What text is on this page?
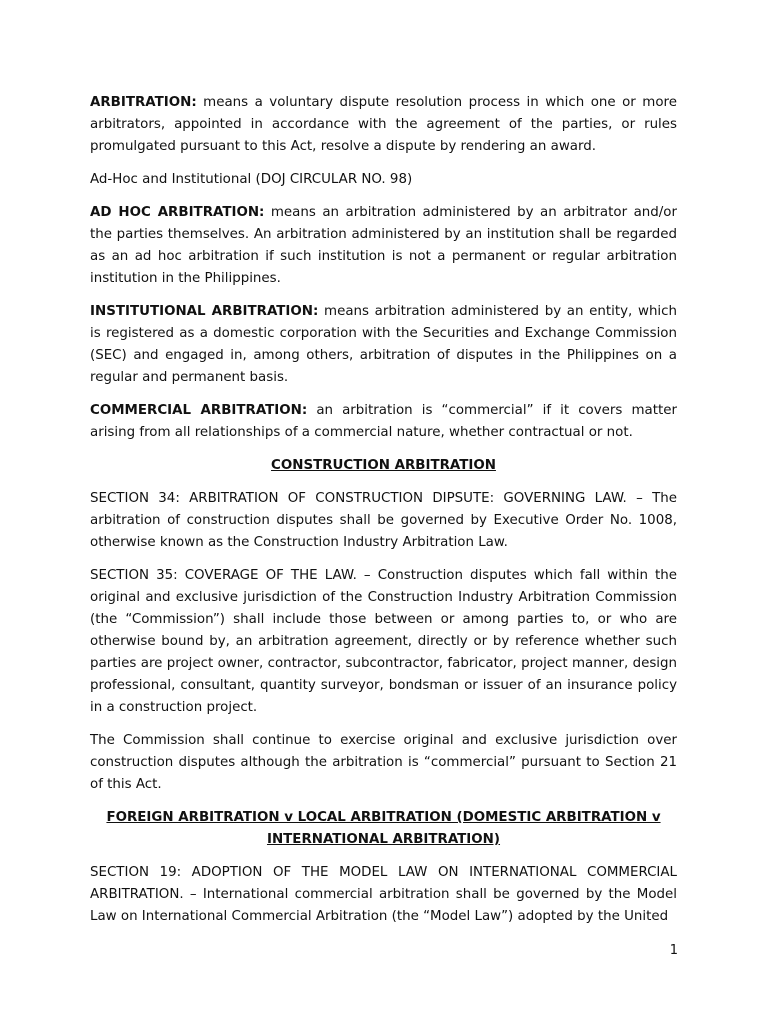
ARBITRATION: means a voluntary dispute resolution process in which one or more arbitrators, appointed in accordance with the agreement of the parties, or rules promulgated pursuant to this Act, resolve a dispute by rendering an award.

Ad-Hoc and Institutional (DOJ CIRCULAR NO. 98)

AD HOC ARBITRATION: means an arbitration administered by an arbitrator and/or the parties themselves. An arbitration administered by an institution shall be regarded as an ad hoc arbitration if such institution is not a permanent or regular arbitration institution in the Philippines.

INSTITUTIONAL ARBITRATION: means arbitration administered by an entity, which is registered as a domestic corporation with the Securities and Exchange Commission (SEC) and engaged in, among others, arbitration of disputes in the Philippines on a regular and permanent basis.

COMMERCIAL ARBITRATION: an arbitration is “commercial” if it covers matter arising from all relationships of a commercial nature, whether contractual or not.

CONSTRUCTION ARBITRATION

SECTION 34: ARBITRATION OF CONSTRUCTION DIPSUTE: GOVERNING LAW. – The arbitration of construction disputes shall be governed by Executive Order No. 1008, otherwise known as the Construction Industry Arbitration Law.

SECTION 35: COVERAGE OF THE LAW. – Construction disputes which fall within the original and exclusive jurisdiction of the Construction Industry Arbitration Commission (the “Commission”) shall include those between or among parties to, or who are otherwise bound by, an arbitration agreement, directly or by reference whether such parties are project owner, contractor, subcontractor, fabricator, project manner, design professional, consultant, quantity surveyor, bondsman or issuer of an insurance policy in a construction project.

The Commission shall continue to exercise original and exclusive jurisdiction over construction disputes although the arbitration is “commercial” pursuant to Section 21 of this Act.

FOREIGN ARBITRATION v LOCAL ARBITRATION (DOMESTIC ARBITRATION v INTERNATIONAL ARBITRATION)

SECTION 19: ADOPTION OF THE MODEL LAW ON INTERNATIONAL COMMERCIAL ARBITRATION. – International commercial arbitration shall be governed by the Model Law on International Commercial Arbitration (the “Model Law”) adopted by the United

1
